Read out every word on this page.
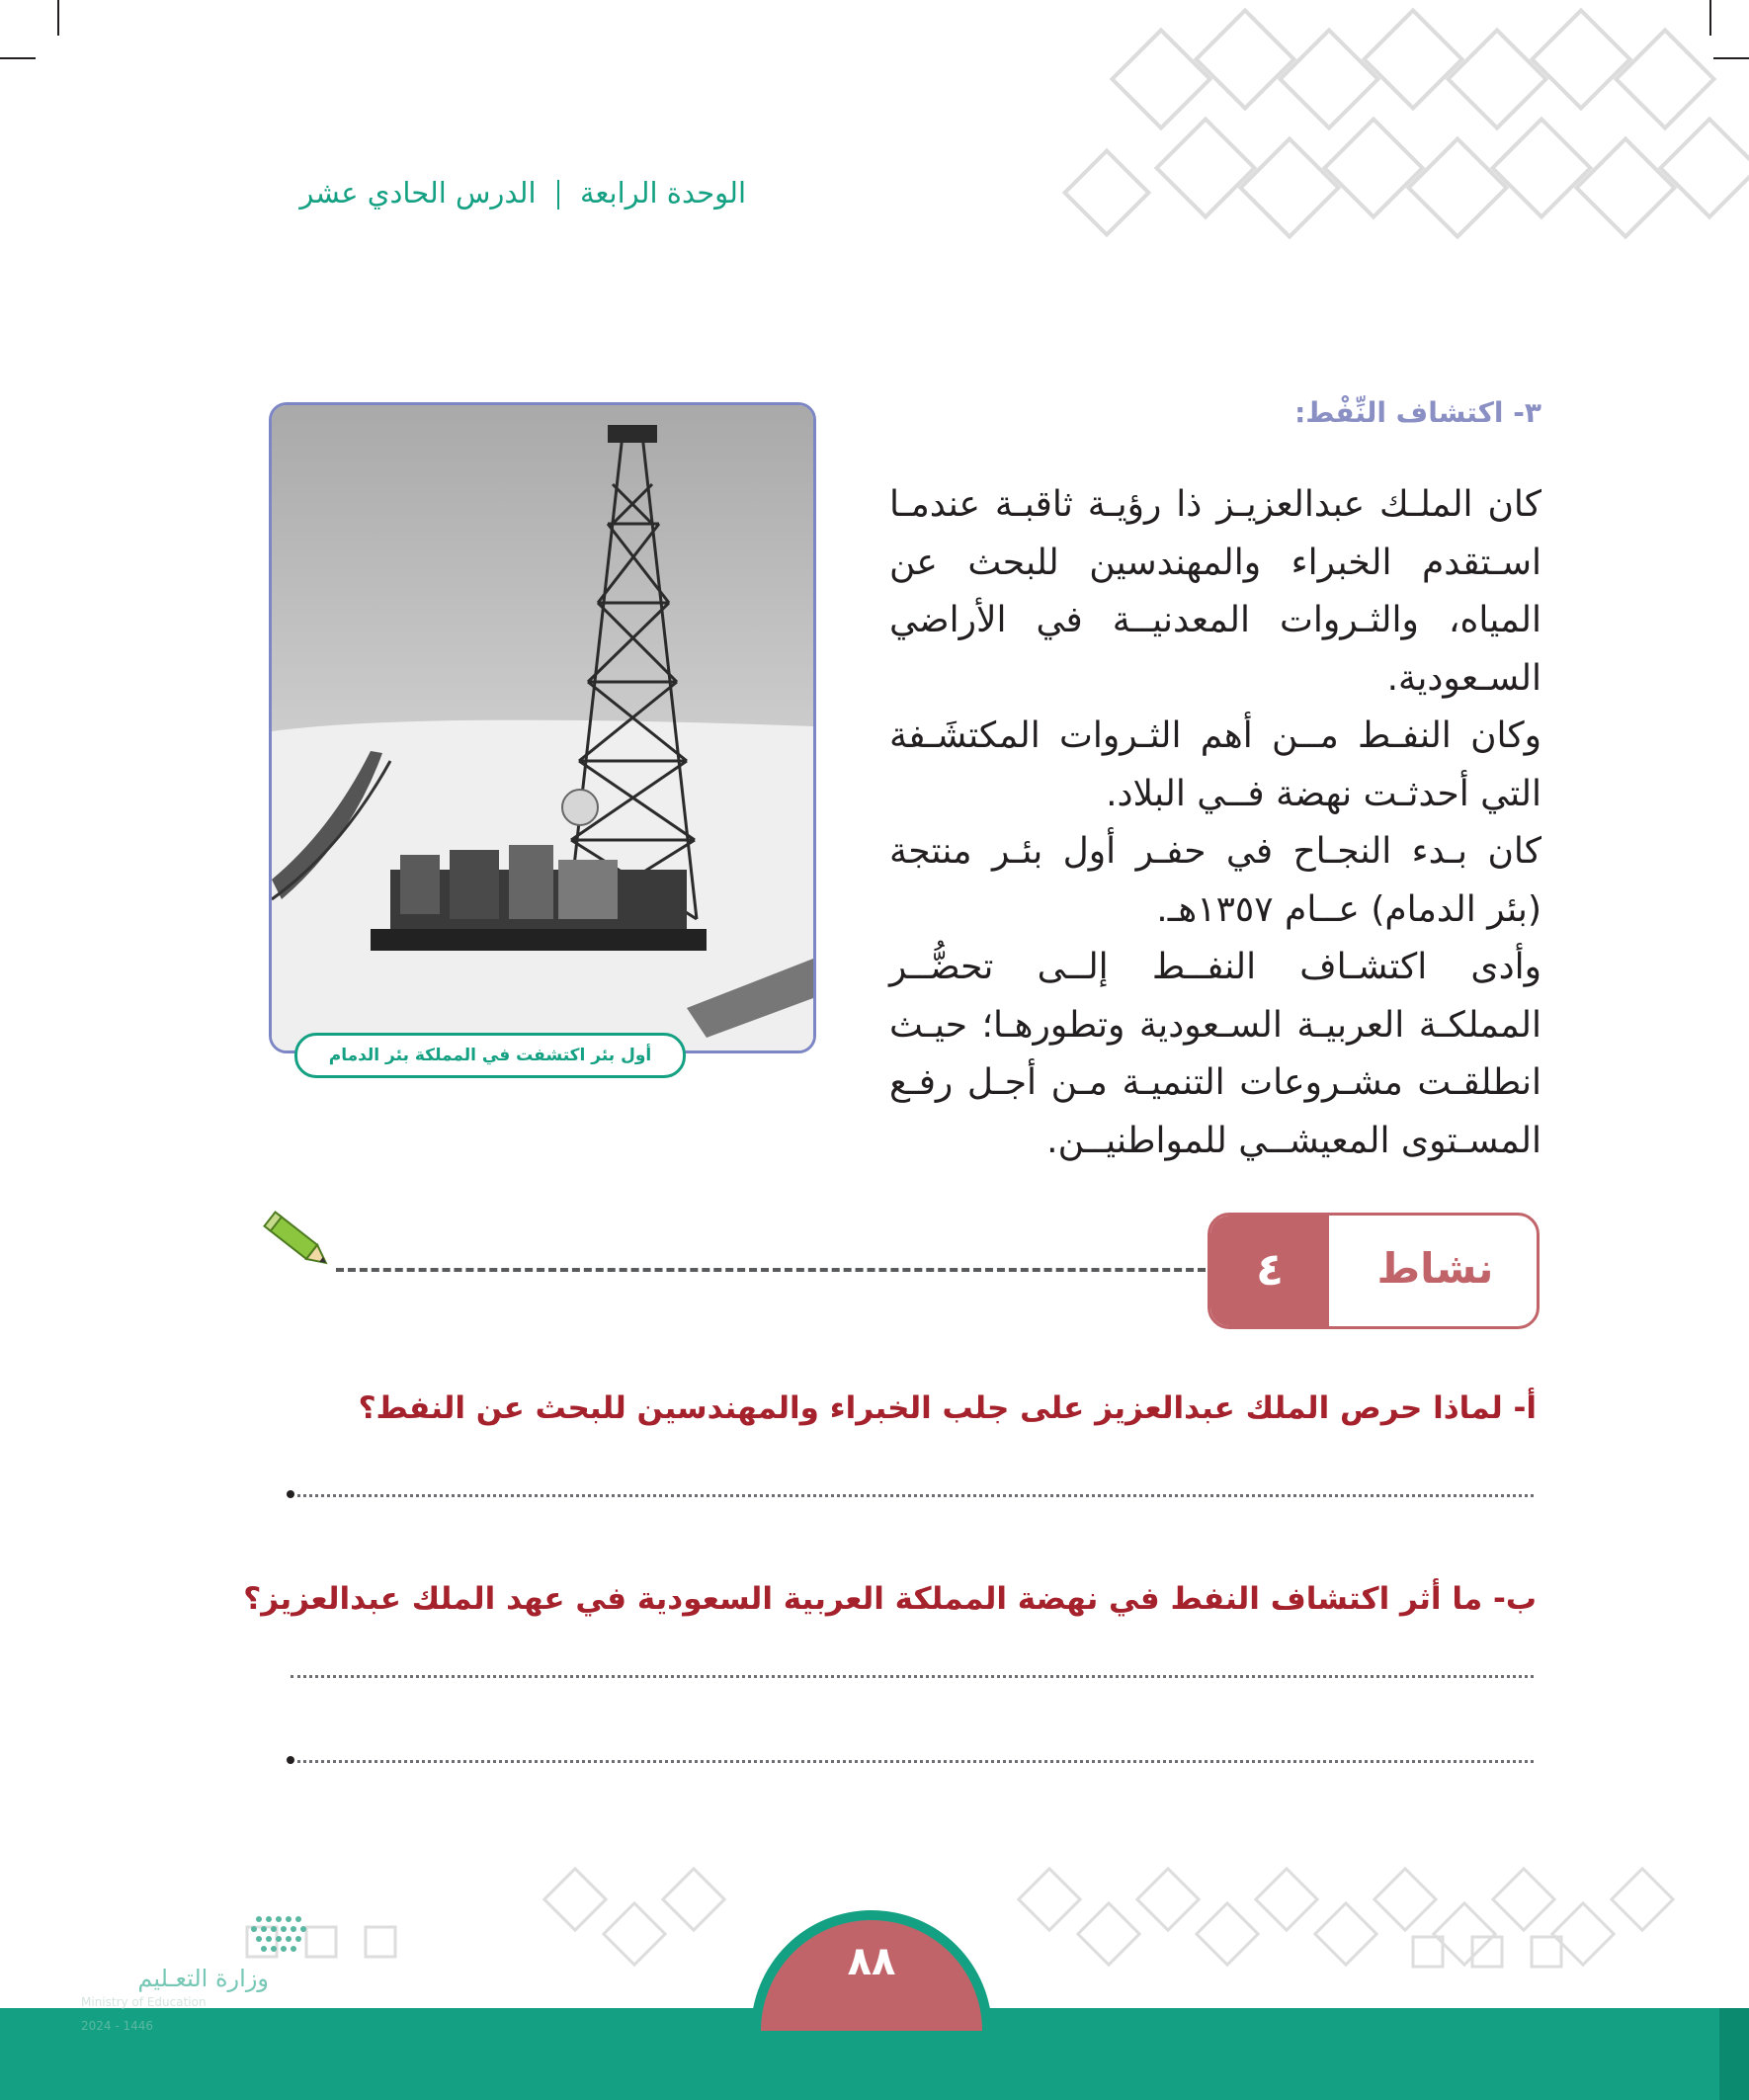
الوحدة الرابعة  الدرس الحادي عشر
٣- اكتشاف النِّفْط:

كان الملـك عبدالعزيـز ذا رؤيـة ثاقبـة عندمـا اسـتقدم الخبراء والمهندسين للبحث عن المياه، والثـروات المعدنيــة في الأراضي السـعودية.

وكان النفـط مــن أهم الثـروات المكتشَـفة التي أحدثـت نهضة فــي البلاد.

كان بـدء النجـاح في حفـر أول بئـر منتجة (بئر الدمام) عــام ١٣٥٧هـ.

وأدى اكتشـاف النفــط إلــى تحضُّــر المملكـة العربيـة السـعودية وتطورهـا؛ حيـث انطلقـت مشـروعات التنميـة مـن أجـل رفـع المسـتوى المعيشــي للمواطنيــن.

أول بئر اكتشفت في المملكة بئر الدمام
٤	نشاط
أ- لماذا حرص الملك عبدالعزيز على جلب الخبراء والمهندسين للبحث عن النفط؟
ب- ما أثر اكتشاف النفط في نهضة المملكة العربية السعودية في عهد الملك عبدالعزيز؟
٨٨
وزارة التعـليم
Ministry of Education
2024 - 1446
